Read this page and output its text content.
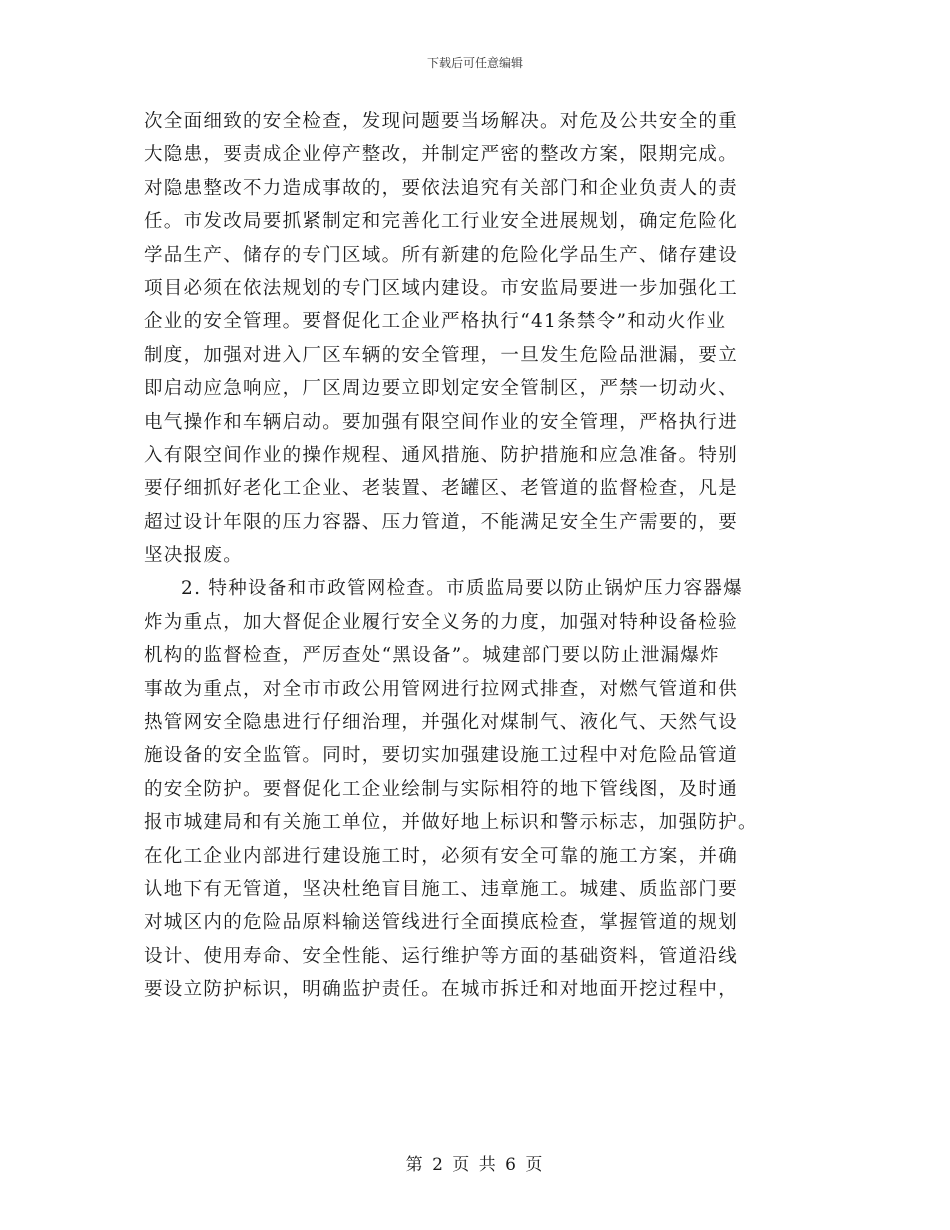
下载后可任意编辑
次全面细致的安全检查，发现问题要当场解决。对危及公共安全的重
大隐患，要责成企业停产整改，并制定严密的整改方案，限期完成。
对隐患整改不力造成事故的，要依法追究有关部门和企业负责人的责
任。市发改局要抓紧制定和完善化工行业安全进展规划，确定危险化
学品生产、储存的专门区域。所有新建的危险化学品生产、储存建设
项目必须在依法规划的专门区域内建设。市安监局要进一步加强化工
企业的安全管理。要督促化工企业严格执行“41条禁令”和动火作业
制度，加强对进入厂区车辆的安全管理，一旦发生危险品泄漏，要立
即启动应急响应，厂区周边要立即划定安全管制区，严禁一切动火、
电气操作和车辆启动。要加强有限空间作业的安全管理，严格执行进
入有限空间作业的操作规程、通风措施、防护措施和应急准备。特别
要仔细抓好老化工企业、老装置、老罐区、老管道的监督检查，凡是
超过设计年限的压力容器、压力管道，不能满足安全生产需要的，要
坚决报废。
2. 特种设备和市政管网检查。市质监局要以防止锅炉压力容器爆
炸为重点，加大督促企业履行安全义务的力度，加强对特种设备检验
机构的监督检查，严厉查处“黑设备”。城建部门要以防止泄漏爆炸
事故为重点，对全市市政公用管网进行拉网式排查，对燃气管道和供
热管网安全隐患进行仔细治理，并强化对煤制气、液化气、天然气设
施设备的安全监管。同时，要切实加强建设施工过程中对危险品管道
的安全防护。要督促化工企业绘制与实际相符的地下管线图，及时通
报市城建局和有关施工单位，并做好地上标识和警示标志，加强防护。
在化工企业内部进行建设施工时，必须有安全可靠的施工方案，并确
认地下有无管道，坚决杜绝盲目施工、违章施工。城建、质监部门要
对城区内的危险品原料输送管线进行全面摸底检查，掌握管道的规划
设计、使用寿命、安全性能、运行维护等方面的基础资料，管道沿线
要设立防护标识，明确监护责任。在城市拆迁和对地面开挖过程中，
第 2 页 共 6 页
